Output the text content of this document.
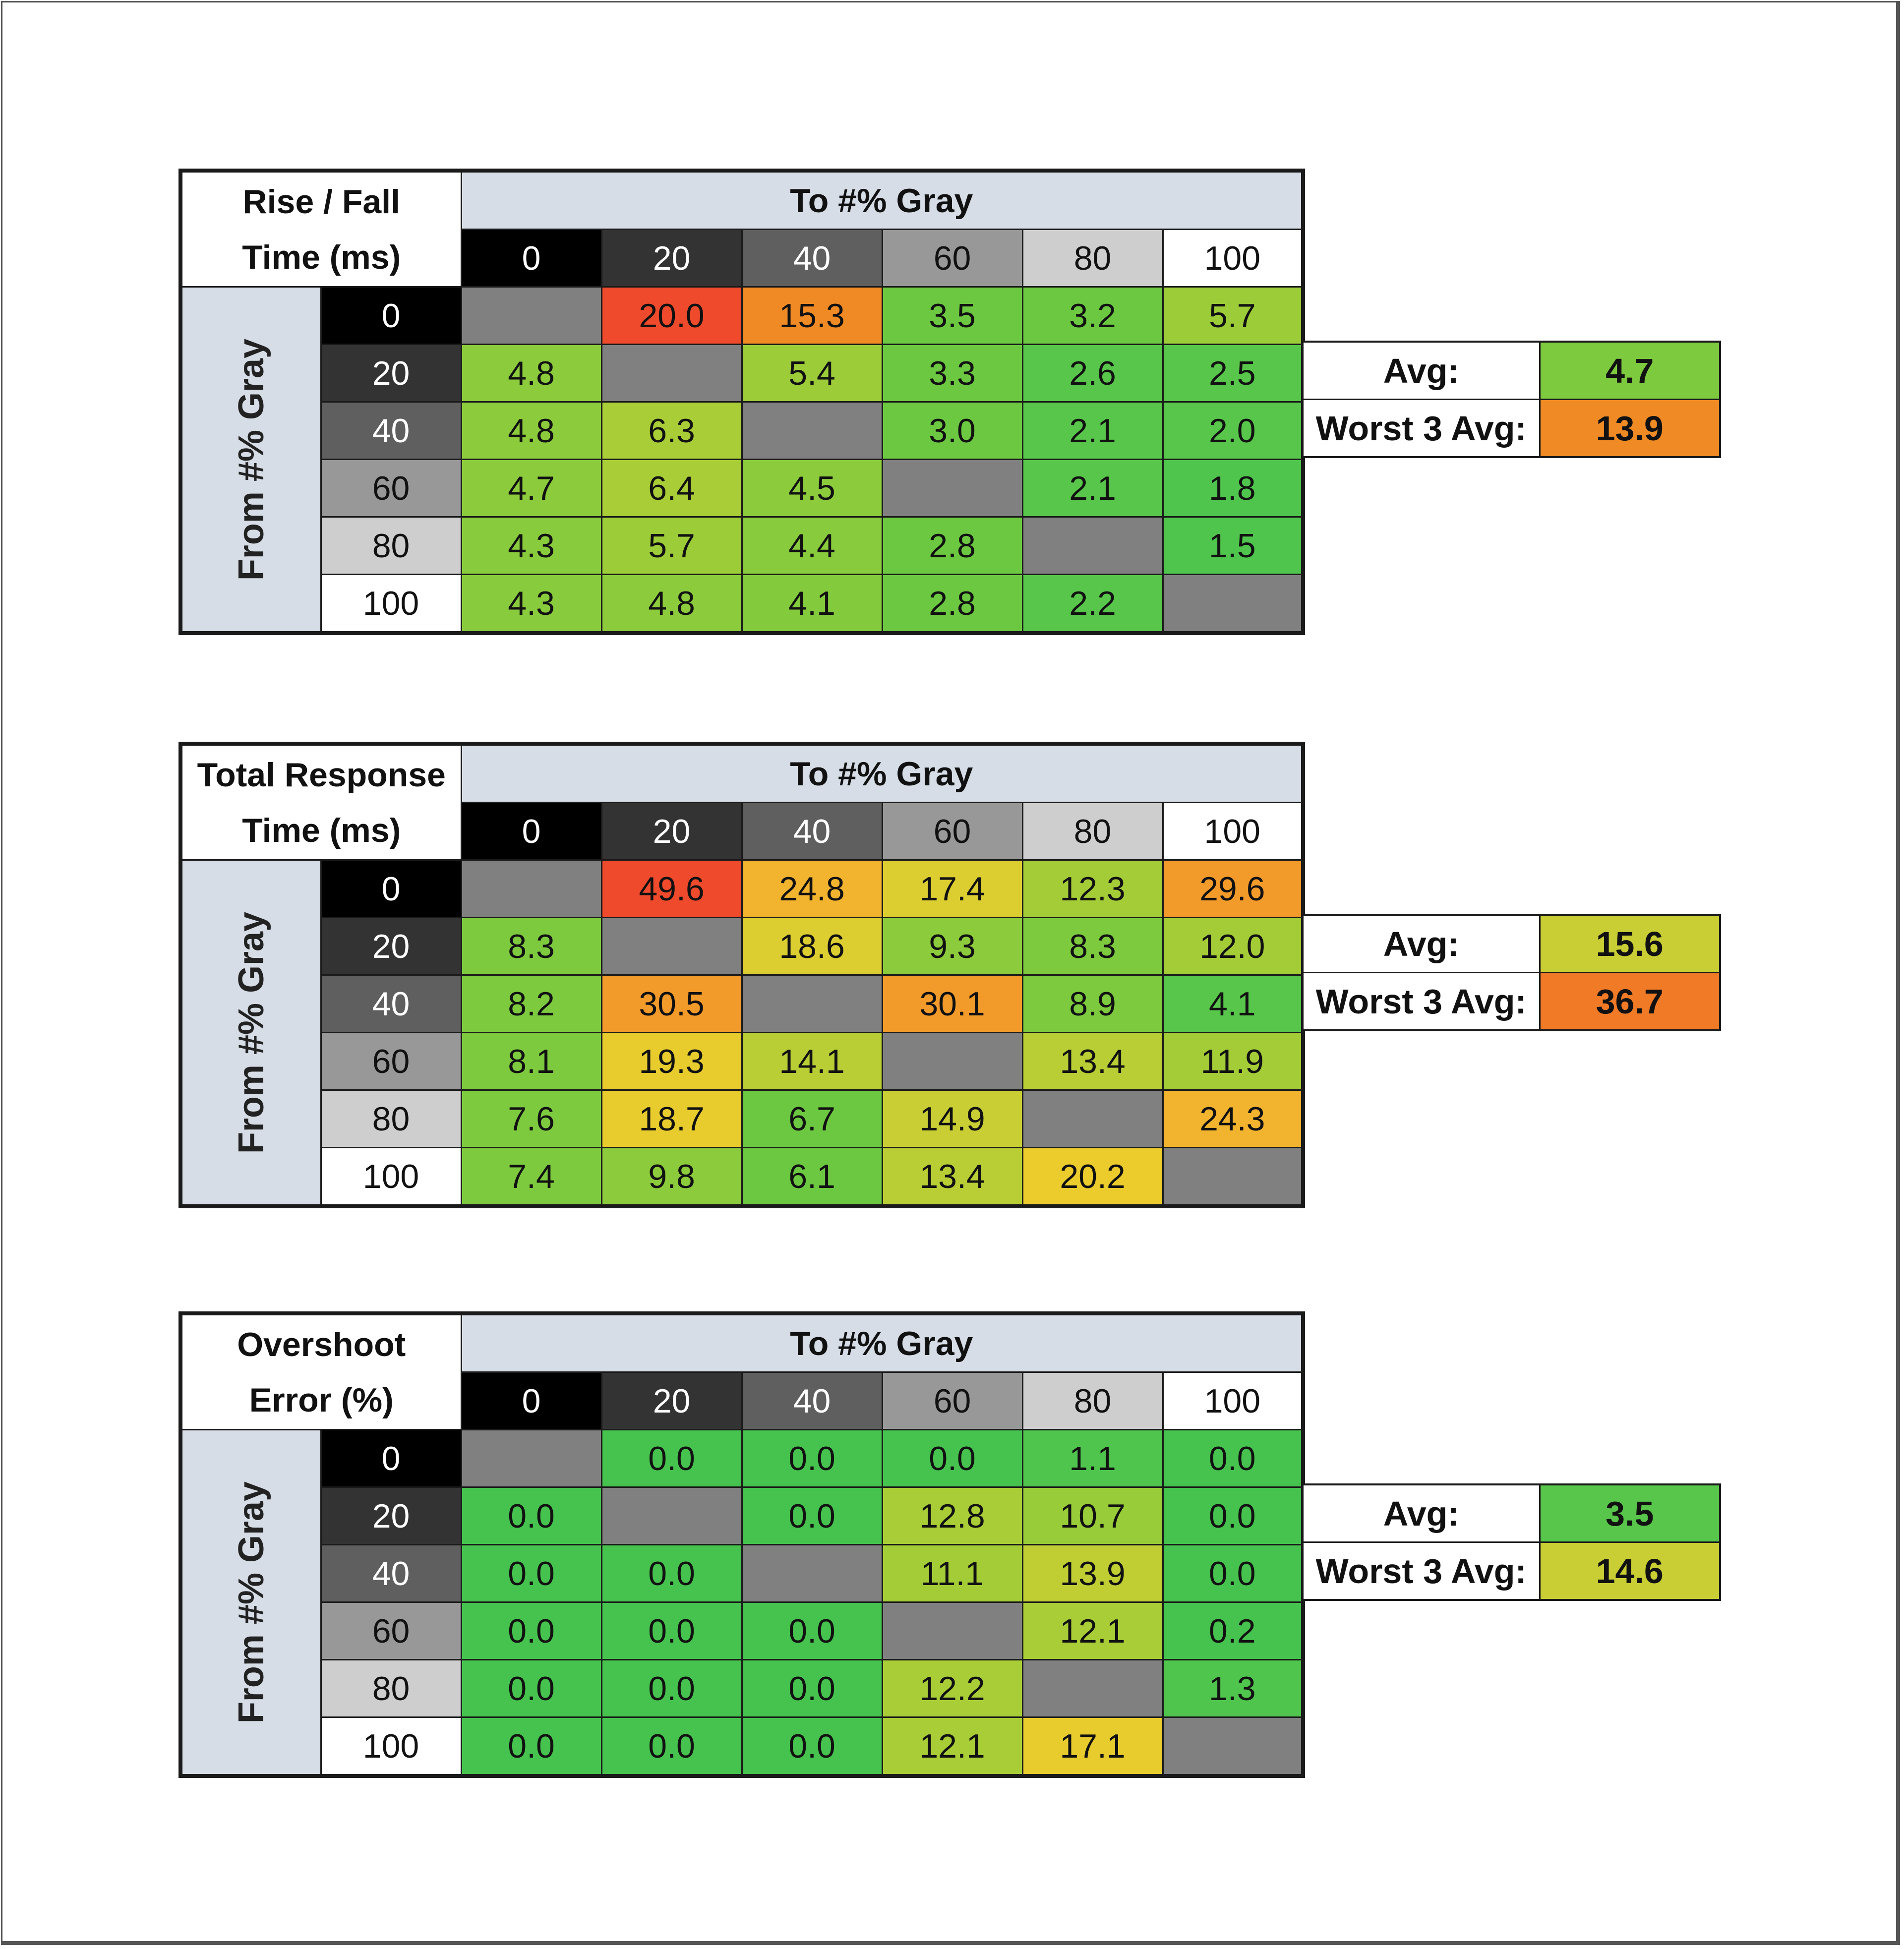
Rise / Fall
Time (ms)		To #% Gray					
		0	20	40	60	80	100

From #% Gray	0		20.0	15.3	3.5	3.2	5.7
	20	4.8		5.4	3.3	2.6	2.5
	40	4.8	6.3		3.0	2.1	2.0
	60	4.7	6.4	4.5		2.1	1.8
	80	4.3	5.7	4.4	2.8		1.5
	100	4.3	4.8	4.1	2.8	2.2	
Avg:	4.7
Worst 3 Avg:	13.9
Total Response
Time (ms)		To #% Gray					
		0	20	40	60	80	100

From #% Gray	0		49.6	24.8	17.4	12.3	29.6
	20	8.3		18.6	9.3	8.3	12.0
	40	8.2	30.5		30.1	8.9	4.1
	60	8.1	19.3	14.1		13.4	11.9
	80	7.6	18.7	6.7	14.9		24.3
	100	7.4	9.8	6.1	13.4	20.2	
Avg:	15.6
Worst 3 Avg:	36.7
Overshoot
Error (%)		To #% Gray					
		0	20	40	60	80	100

From #% Gray	0		0.0	0.0	0.0	1.1	0.0
	20	0.0		0.0	12.8	10.7	0.0
	40	0.0	0.0		11.1	13.9	0.0
	60	0.0	0.0	0.0		12.1	0.2
	80	0.0	0.0	0.0	12.2		1.3
	100	0.0	0.0	0.0	12.1	17.1	
Avg:	3.5
Worst 3 Avg:	14.6
